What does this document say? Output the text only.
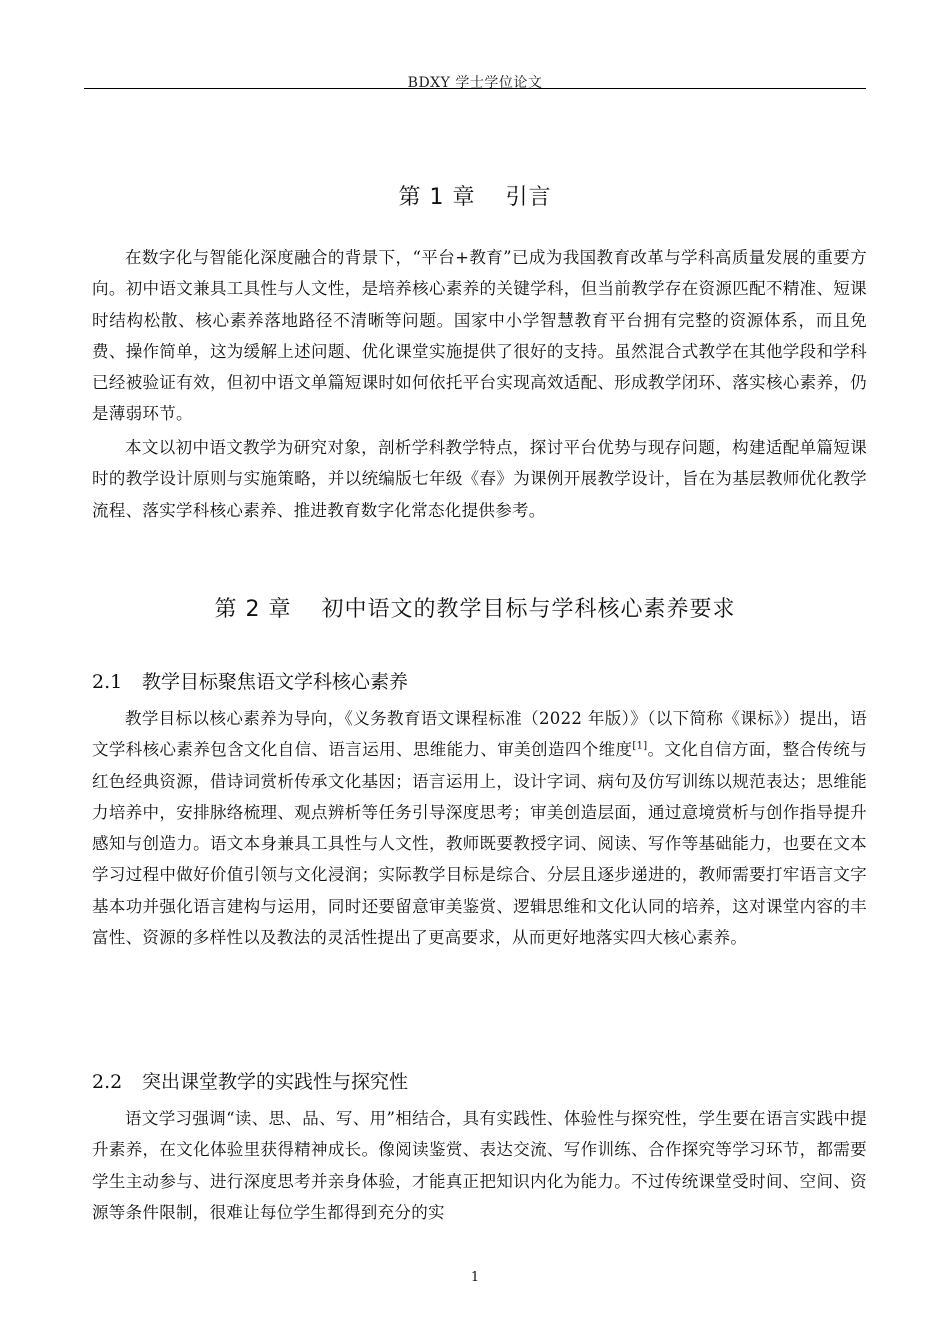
BDXY 学士学位论文
第 1 章 引言

在数字化与智能化深度融合的背景下，“平台+教育”已成为我国教育改革与学科高质量发展的重要方向。初中语文兼具工具性与人文性，是培养核心素养的关键学科，但当前教学存在资源匹配不精准、短课时结构松散、核心素养落地路径不清晰等问题。国家中小学智慧教育平台拥有完整的资源体系，而且免费、操作简单，这为缓解上述问题、优化课堂实施提供了很好的支持。虽然混合式教学在其他学段和学科已经被验证有效，但初中语文单篇短课时如何依托平台实现高效适配、形成教学闭环、落实核心素养，仍是薄弱环节。

本文以初中语文教学为研究对象，剖析学科教学特点，探讨平台优势与现存问题，构建适配单篇短课时的教学设计原则与实施策略，并以统编版七年级《春》为课例开展教学设计，旨在为基层教师优化教学流程、落实学科核心素养、推进教育数字化常态化提供参考。

第 2 章 初中语文的教学目标与学科核心素养要求
2.1 教学目标聚焦语文学科核心素养

教学目标以核心素养为导向，《义务教育语文课程标准（2022 年版）》（以下简称《课标》）提出，语文学科核心素养包含文化自信、语言运用、思维能力、审美创造四个维度[1]。文化自信方面，整合传统与红色经典资源，借诗词赏析传承文化基因；语言运用上，设计字词、病句及仿写训练以规范表达；思维能力培养中，安排脉络梳理、观点辨析等任务引导深度思考；审美创造层面，通过意境赏析与创作指导提升感知与创造力。语文本身兼具工具性与人文性，教师既要教授字词、阅读、写作等基础能力，也要在文本学习过程中做好价值引领与文化浸润；实际教学目标是综合、分层且逐步递进的，教师需要打牢语言文字基本功并强化语言建构与运用，同时还要留意审美鉴赏、逻辑思维和文化认同的培养，这对课堂内容的丰富性、资源的多样性以及教法的灵活性提出了更高要求，从而更好地落实四大核心素养。

2.2 突出课堂教学的实践性与探究性

语文学习强调“读、思、品、写、用”相结合，具有实践性、体验性与探究性，学生要在语言实践中提升素养，在文化体验里获得精神成长。像阅读鉴赏、表达交流、写作训练、合作探究等学习环节，都需要学生主动参与、进行深度思考并亲身体验，才能真正把知识内化为能力。不过传统课堂受时间、空间、资源等条件限制，很难让每位学生都得到充分的实

1
